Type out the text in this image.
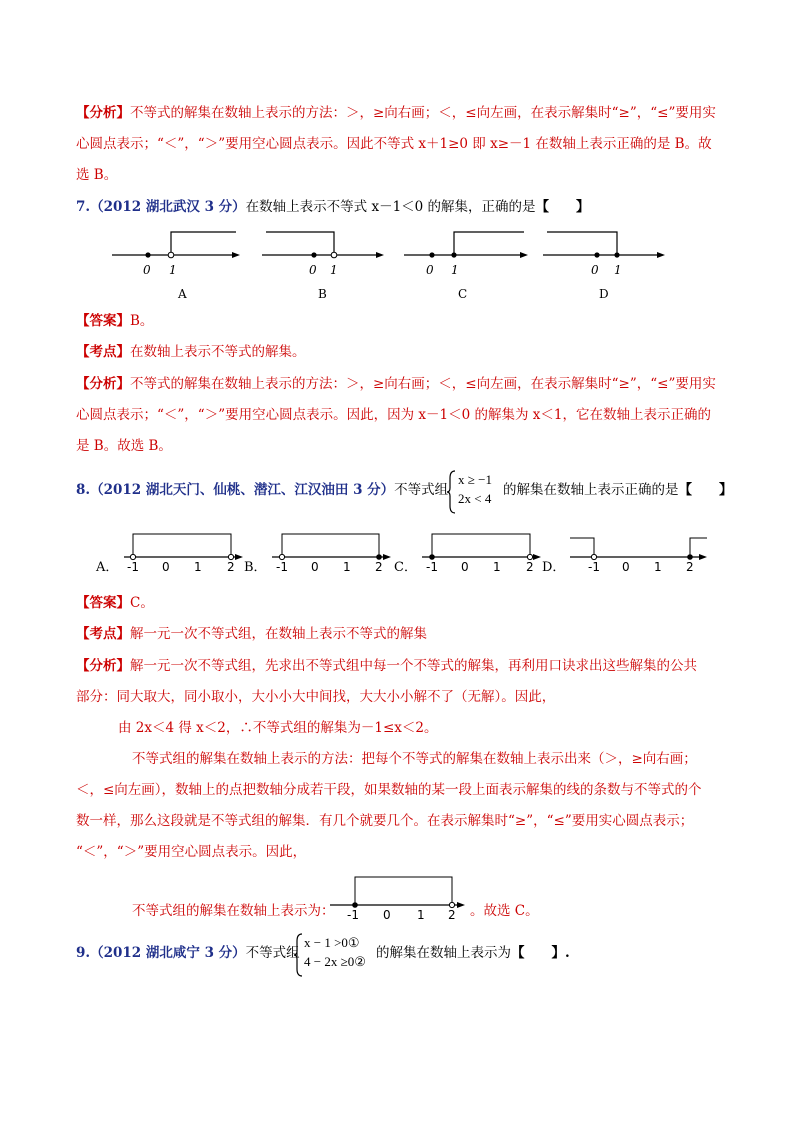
【分析】不等式的解集在数轴上表示的方法：＞，≥向右画；＜，≤向左画，在表示解集时“≥”，“≤”要用实
心圆点表示；“＜”，“＞”要用空心圆点表示。因此不等式 x＋1≥0 即 x≥－1 在数轴上表示正确的是 B。故
选 B。
7.（2012 湖北武汉 3 分）在数轴上表示不等式 x－1＜0 的解集，正确的是【　　】
0 1
A
0 1
B
0 1
C
0 1
D
【答案】B。
【考点】在数轴上表示不等式的解集。
【分析】不等式的解集在数轴上表示的方法：＞，≥向右画；＜，≤向左画，在表示解集时“≥”，“≤”要用实
心圆点表示；“＜”，“＞”要用空心圆点表示。因此，因为 x－1＜0 的解集为 x＜1，它在数轴上表示正确的
是 B。故选 B。
8.（2012 湖北天门、仙桃、潜江、江汉油田 3 分）不等式组
x ≥ −1
2x < 4
的解集在数轴上表示正确的是【　　】
A． -1 0 1 2 B． -1 0 1 2 C． -1 0 1 2 D． -1 0 1 2
【答案】C。
【考点】解一元一次不等式组，在数轴上表示不等式的解集
【分析】解一元一次不等式组，先求出不等式组中每一个不等式的解集，再利用口诀求出这些解集的公共
部分：同大取大，同小取小，大小小大中间找，大大小小解不了（无解）。因此，
由 2x＜4 得 x＜2，∴不等式组的解集为－1≤x＜2。
不等式组的解集在数轴上表示的方法：把每个不等式的解集在数轴上表示出来（＞，≥向右画；
＜，≤向左画），数轴上的点把数轴分成若干段，如果数轴的某一段上面表示解集的线的条数与不等式的个
数一样，那么这段就是不等式组的解集．有几个就要几个。在表示解集时“≥”，“≤”要用实心圆点表示；
“＜”，“＞”要用空心圆点表示。因此，
不等式组的解集在数轴上表示为：	-1 0 1 2 。故选 C。
9.（2012 湖北咸宁 3 分）不等式组
x − 1 >0①
4 − 2x ≥0②
的解集在数轴上表示为【　　】.
